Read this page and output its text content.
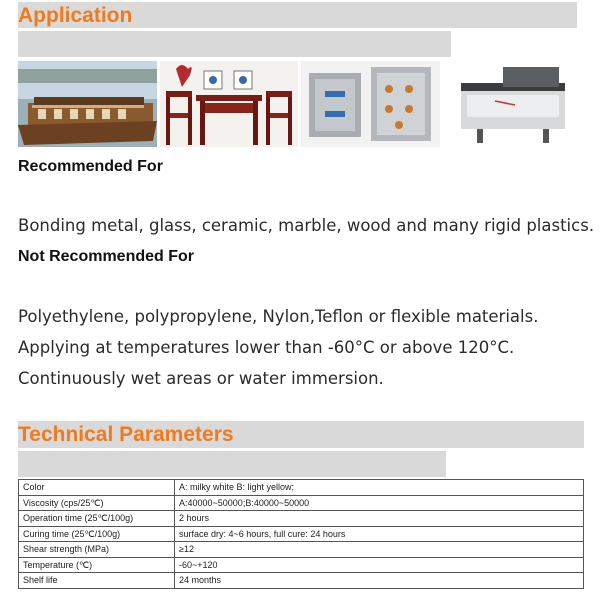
Application
Recommended For

Bonding metal, glass, ceramic, marble, wood and many rigid plastics.

Not Recommended For

Polyethylene, polypropylene, Nylon,Teflon or flexible materials.

Applying at temperatures lower than -60°C or above 120°C.

Continuously wet areas or water immersion.

Technical Parameters
Color	A: milky white B: light yellow;
Viscosity (cps/25℃)	A:40000~50000;B:40000~50000
Operation time (25℃/100g)	2 hours
Curing time (25℃/100g)	surface dry: 4~6 hours, full cure: 24 hours
Shear strength (MPa)	≥12
Temperature (℃)	-60~+120
Shelf life	24 months
